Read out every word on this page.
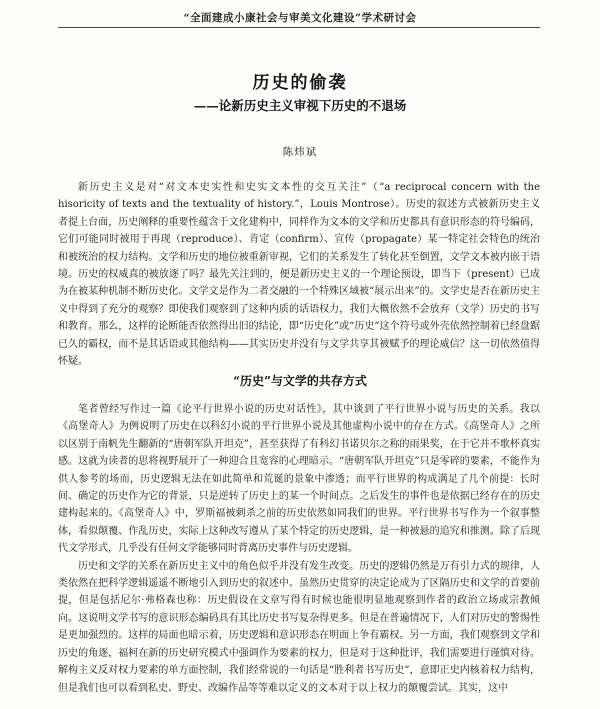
“全面建成小康社会与审美文化建设”学术研讨会
历史的偷袭
——论新历史主义审视下历史的不退场
陈炜斌

新历史主义是对“对文本史实性和史实文本性的交互关注”（“a reciprocal concern with the hisoricity of texts and the textuality of history.”，Louis Montrose）。历史的叙述方式被新历史主义者提上台面，历史阐释的重要性蕴含于文化建构中，同样作为文本的文学和历史都具有意识形态的符号编码，它们可能同时被用于再现（reproduce）、肯定（confirm）、宣传（propagate）某一特定社会特色的统治和被统治的权力结构。文学和历史的地位被重新审视，它们的关系发生了转化甚至倒置，文学文本被内嵌于语境。历史的权威真的被放逐了吗？最先关注到的，便是新历史主义的一个理论预设，即当下（present）已成为在被某种机制不断历史化。文学文是作为二者交融的一个特殊区域被“展示出来”的。文学史是否在新历史主义中得到了充分的观察？即使我们观察到了这种内质的话语权力，我们大概依然不会放弃（文学）历史的书写和教育。那么，这样的论断能否依然得出旧的结论，即“历史化”或“历史”这个符号或外壳依然控制着已经盘踞已久的霸权，而不是其话语或其他结构——其实历史并没有与文学共享其被赋予的理论威信？这一切依然值得怀疑。

“历史”与文学的共存方式

笔者曾经写作过一篇《论平行世界小说的历史对话性》，其中谈到了平行世界小说与历史的关系。我以《高堡奇人》为例说明了历史在以科幻小说的平行世界小说及其他虚构小说中的存在方式。《高堡奇人》之所以区别于南帆先生翻新的“唐朝军队开坦克”，甚至获得了有科幻书诺贝尔之称的雨果奖，在于它并不歌杯真实感。这就为读者的思将视野展开了一种迎合且宽容的心理暗示。“唐朝军队开坦克”只是零碎的要素，不能作为供人参考的场而，历史逻辑无法在如此简单和荒诞的景象中渗透；而平行世界的构成满足了几个前提：长时间、确定的历史作为它的背景，只是逆转了历史上的某一个时间点。之后发生的事件也是依据已经存在的历史建构起来的。《高堡奇人》中，罗斯福被刺杀之前的历史依然如同我们的世界。平行世界书写作为一个叙事整体，看似颠覆、作乱历史，实际上这种改写遵从了某个特定的历史逻辑，是一种被悬的追究和推测。除了后现代文学形式，几乎没有任何文学能够同时背离历史事件与历史逻辑。

历史和文学的关系在新历史主义中的角色似乎并没有发生改变。历史的逻辑仍然是万有引力式的规律，人类依然在把科学逻辑遥遥不断地引入到历史的叙述中。虽然历史贯穿的决定论成为了区隔历史和文学的首要前提，但是包括尼尔·弗格森也称：历史假设在文章写得有时候也能很明显地观察到作者的政治立场或宗教倾向。这说明文学书写的意识形态编码具有其比历史书写复杂得更多。但是在普遍情况下，人们对历史的警惕性是更加强烈的。这样的局面也暗示着，历史逻辑和意识形态在明面上争有霸权。另一方面，我们观察到文学和历史的角逐，福柯在新的历史研究模式中强调作为要素的权力，但是对于这种批评，我们需要进行谨慎对待。解构主义反对权力要素的单方面控制，我们经常说的一句话是“胜利者书写历史”，意即正史内核着权力结构，但是我们也可以看到私史、野史、改编作品等等难以定义的文本对于以上权力的颠覆尝试。其实，这中
